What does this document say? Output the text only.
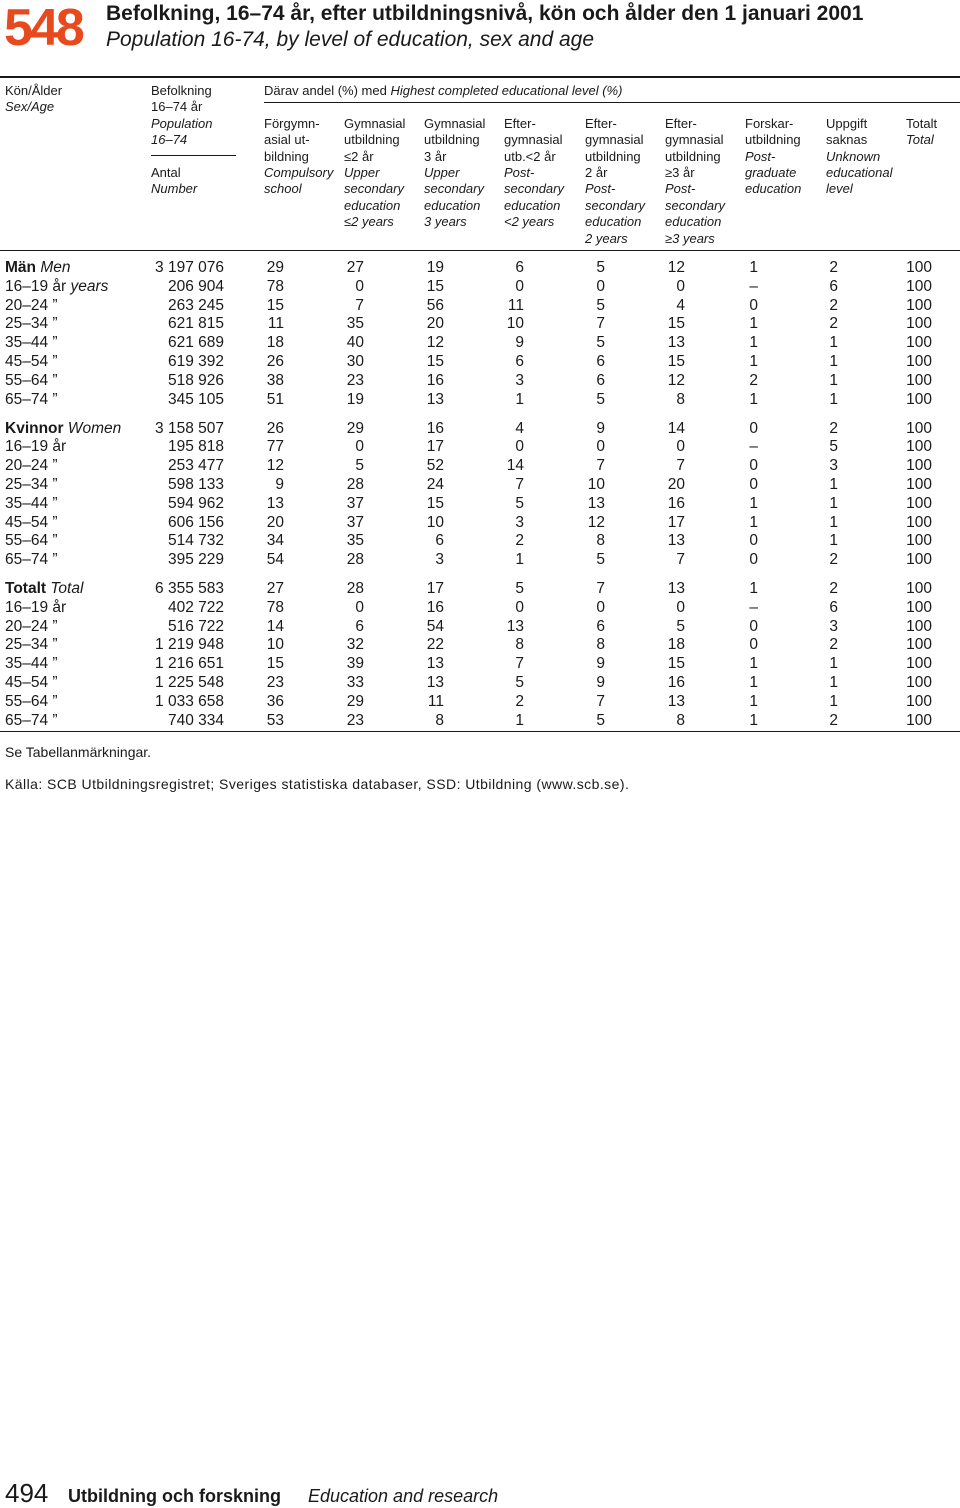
548 Befolkning, 16–74 år, efter utbildningsnivå, kön och ålder den 1 januari 2001
Population 16-74, by level of education, sex and age
Kön/Ålder
Sex/Age
Befolkning
16–74 år
Population
16–74
Antal
Number
Därav andel (%) med Highest completed educational level (%)
Förgymn-
asial ut-
bildning
Compulsory
school
Gymnasial
utbildning
≤2 år
Upper
secondary
education
≤2 years
Gymnasial
utbildning
3 år
Upper
secondary
education
3 years
Efter-
gymnasial
utb.<2 år
Post-
secondary
education
<2 years
Efter-
gymnasial
utbildning
2 år
Post-
secondary
education
2 years
Efter-
gymnasial
utbildning
≥3 år
Post-
secondary
education
≥3 years
Forskar-
utbildning
Post-
graduate
education
Uppgift
saknas
Unknown
educational
level
Totalt
Total
Män Men	3 197 076	29	27	19	6	5	12	1	2	100
16–19 år years	206 904	78	0	15	0	0	0	–	6	100
20–24 ”	263 245	15	7	56	11	5	4	0	2	100
25–34 ”	621 815	11	35	20	10	7	15	1	2	100
35–44 ”	621 689	18	40	12	9	5	13	1	1	100
45–54 ”	619 392	26	30	15	6	6	15	1	1	100
55–64 ”	518 926	38	23	16	3	6	12	2	1	100
65–74 ”	345 105	51	19	13	1	5	8	1	1	100
Kvinnor Women 3 158 507	26	29	16	4	9	14	0	2	100
16–19 år	195 818	77	0	17	0	0	0	–	5	100
20–24 ”	253 477	12	5	52	14	7	7	0	3	100
25–34 ”	598 133	9	28	24	7	10	20	0	1	100
35–44 ”	594 962	13	37	15	5	13	16	1	1	100
45–54 ”	606 156	20	37	10	3	12	17	1	1	100
55–64 ”	514 732	34	35	6	2	8	13	0	1	100
65–74 ”	395 229	54	28	3	1	5	7	0	2	100
Totalt Total	6 355 583	27	28	17	5	7	13	1	2	100
16–19 år	402 722	78	0	16	0	0	0	–	6	100
20–24 ”	516 722	14	6	54	13	6	5	0	3	100
25–34 ”	1 219 948	10	32	22	8	8	18	0	2	100
35–44 ”	1 216 651	15	39	13	7	9	15	1	1	100
45–54 ”	1 225 548	23	33	13	5	9	16	1	1	100
55–64 ”	1 033 658	36	29	11	2	7	13	1	1	100
65–74 ”	740 334	53	23	8	1	5	8	1	2	100
Se Tabellanmärkningar.
Källa: SCB Utbildningsregistret; Sveriges statistiska databaser, SSD: Utbildning (www.scb.se).
494 Utbildning och forskning Education and research
